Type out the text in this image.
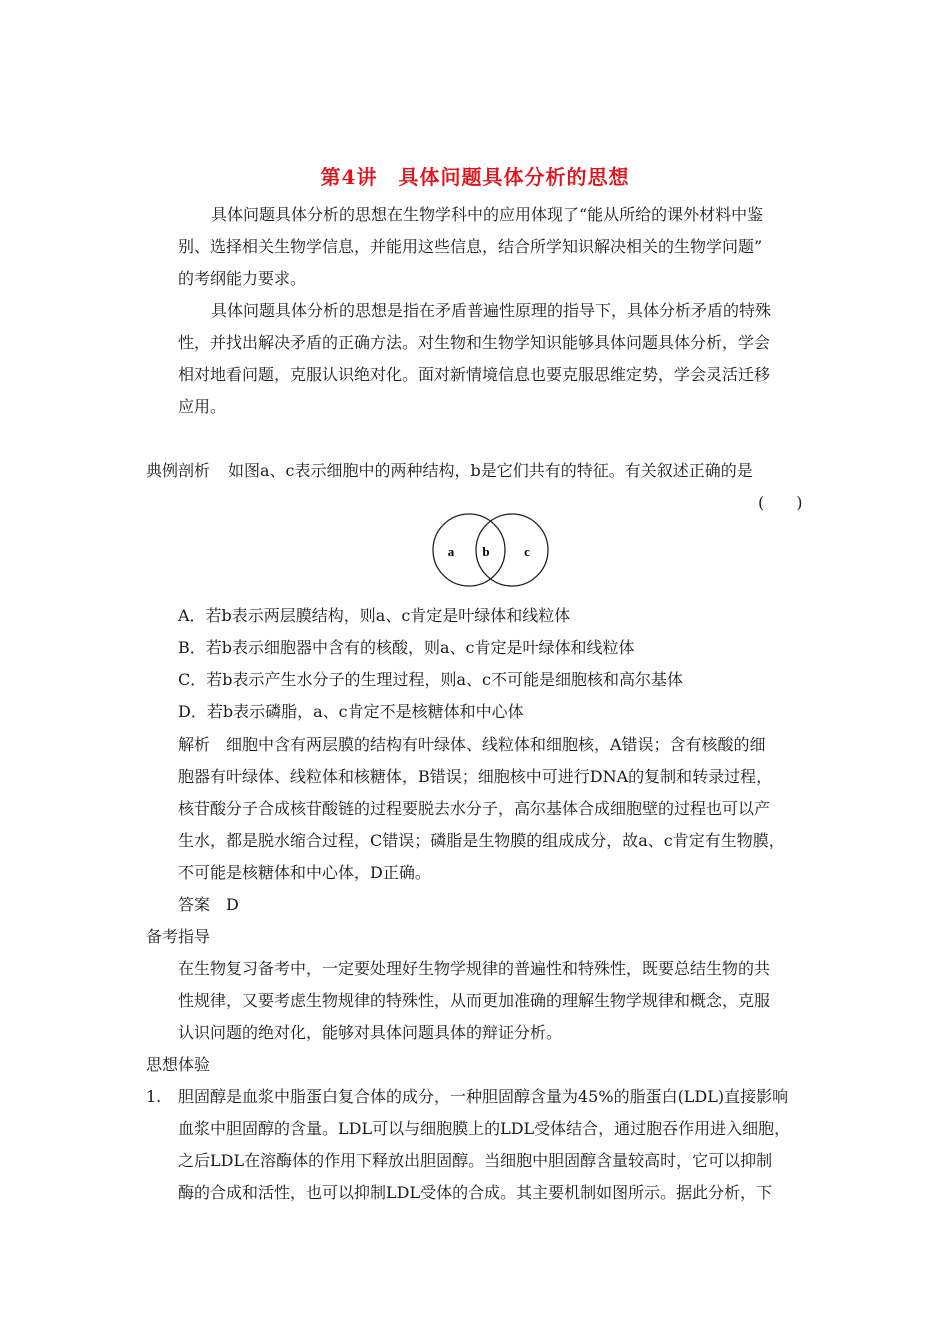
第4讲　具体问题具体分析的思想
具体问题具体分析的思想在生物学科中的应用体现了“能从所给的课外材料中鉴
别、选择相关生物学信息，并能用这些信息，结合所学知识解决相关的生物学问题”
的考纲能力要求。
具体问题具体分析的思想是指在矛盾普遍性原理的指导下，具体分析矛盾的特殊
性，并找出解决矛盾的正确方法。对生物和生物学知识能够具体问题具体分析，学会
相对地看问题，克服认识绝对化。面对新情境信息也要克服思维定势，学会灵活迁移
应用。
典例剖析 如图a、c表示细胞中的两种结构，b是它们共有的特征。有关叙述正确的是
(　　)
a b	c
A．若b表示两层膜结构，则a、c肯定是叶绿体和线粒体
B．若b表示细胞器中含有的核酸，则a、c肯定是叶绿体和线粒体
C．若b表示产生水分子的生理过程，则a、c不可能是细胞核和高尔基体
D．若b表示磷脂，a、c肯定不是核糖体和中心体
解析　细胞中含有两层膜的结构有叶绿体、线粒体和细胞核，A错误；含有核酸的细
胞器有叶绿体、线粒体和核糖体，B错误；细胞核中可进行DNA的复制和转录过程，
核苷酸分子合成核苷酸链的过程要脱去水分子，高尔基体合成细胞壁的过程也可以产
生水，都是脱水缩合过程，C错误；磷脂是生物膜的组成成分，故a、c肯定有生物膜，
不可能是核糖体和中心体，D正确。
答案　D
备考指导
在生物复习备考中，一定要处理好生物学规律的普遍性和特殊性，既要总结生物的共
性规律，又要考虑生物规律的特殊性，从而更加准确的理解生物学规律和概念，克服
认识问题的绝对化，能够对具体问题具体的辩证分析。
思想体验
1. 胆固醇是血浆中脂蛋白复合体的成分，一种胆固醇含量为45%的脂蛋白(LDL)直接影响
血浆中胆固醇的含量。LDL可以与细胞膜上的LDL受体结合，通过胞吞作用进入细胞，
之后LDL在溶酶体的作用下释放出胆固醇。当细胞中胆固醇含量较高时，它可以抑制
酶的合成和活性，也可以抑制LDL受体的合成。其主要机制如图所示。据此分析，下
